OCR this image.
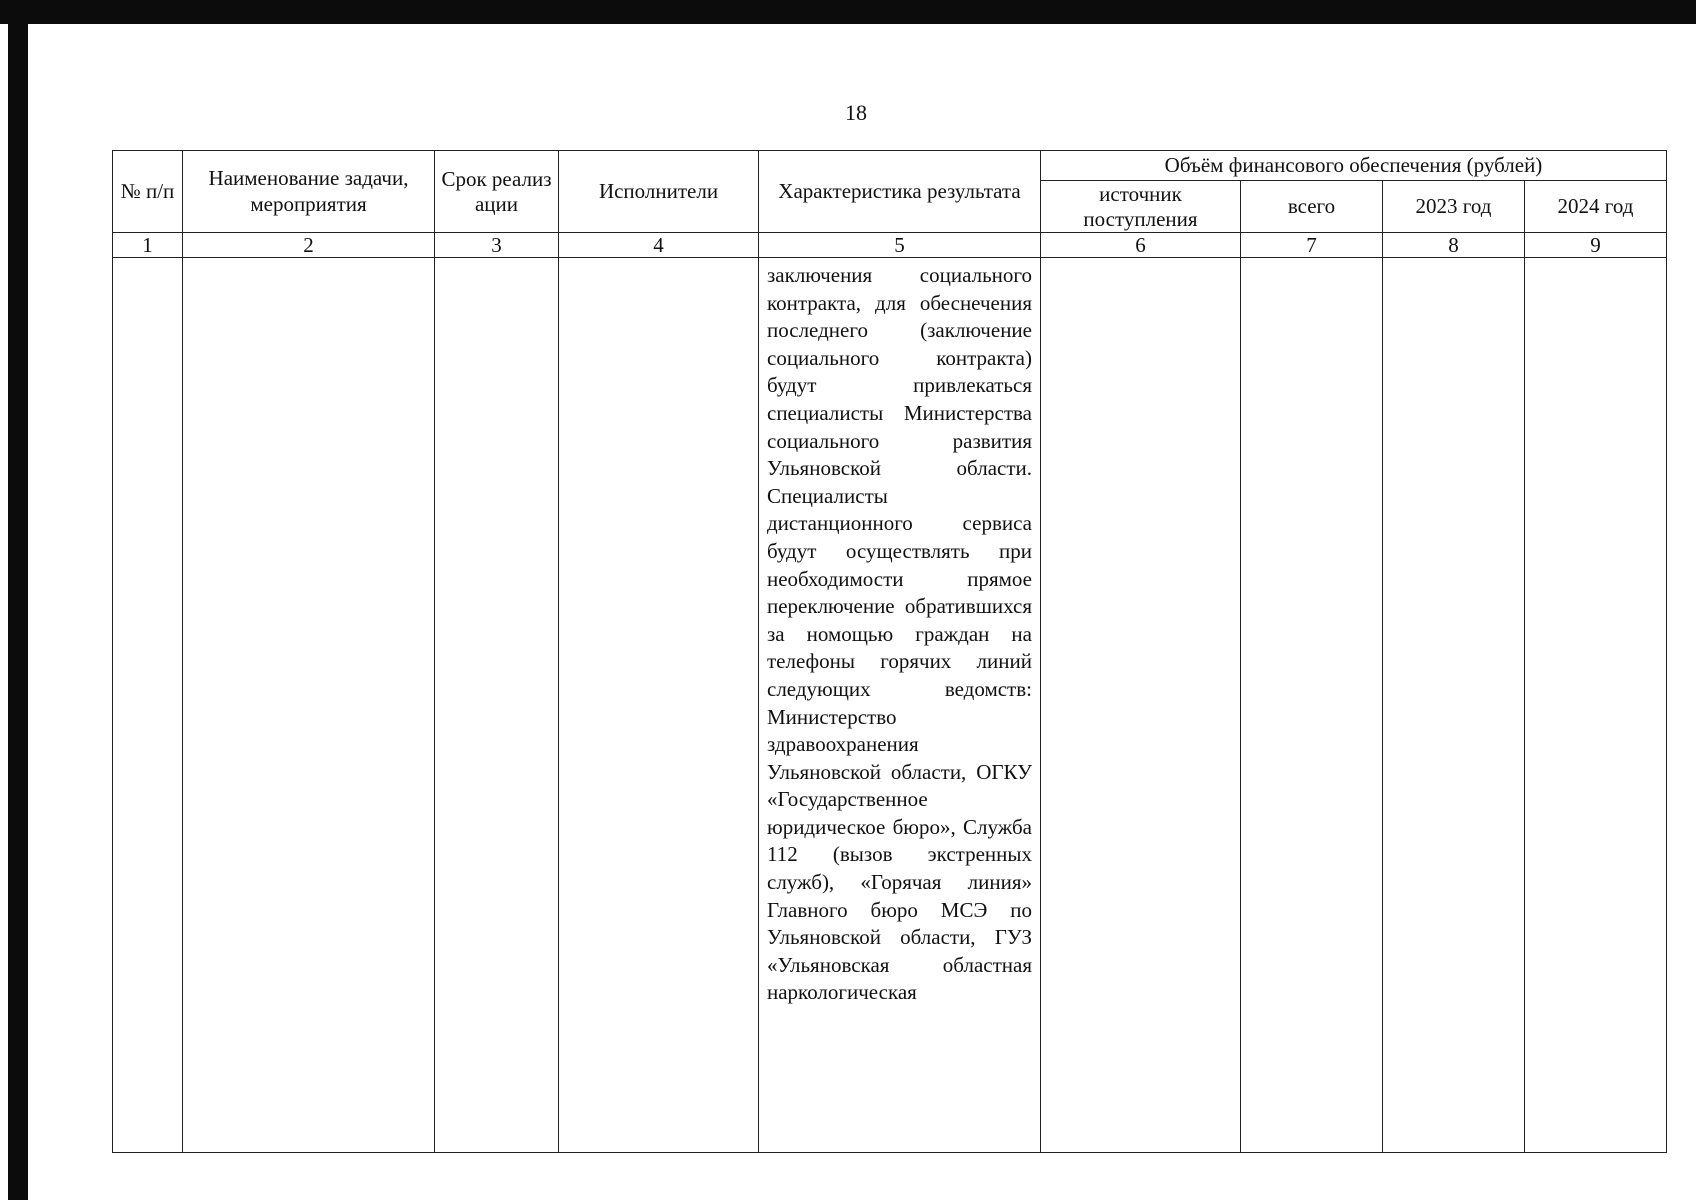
18
№ п/п	Наименование задачи, мероприятия	Срок реализации	Исполнители	Характеристика результата	Объём финансового обеспечения (рублей)			
					источник поступления	всего	2023 год	2024 год
1	2	3	4	5	6	7	8	9
				заключения социального контракта, для обеснечения последнего (заключение социального контракта) будут привлекаться специалисты Министерства социального развития Ульяновской области. Специалисты дистанционного сервиса будут осуществлять при необходимости прямое переключение обратившихся за номощью граждан на телефоны горячих линий следующих ведомств: Министерство здравоохранения Ульяновской области, ОГКУ «Государственное юридическое бюро», Служба 112 (вызов экстренных служб), «Горячая линия» Главного бюро МСЭ по Ульяновской области, ГУЗ «Ульяновская областная наркологическая				
